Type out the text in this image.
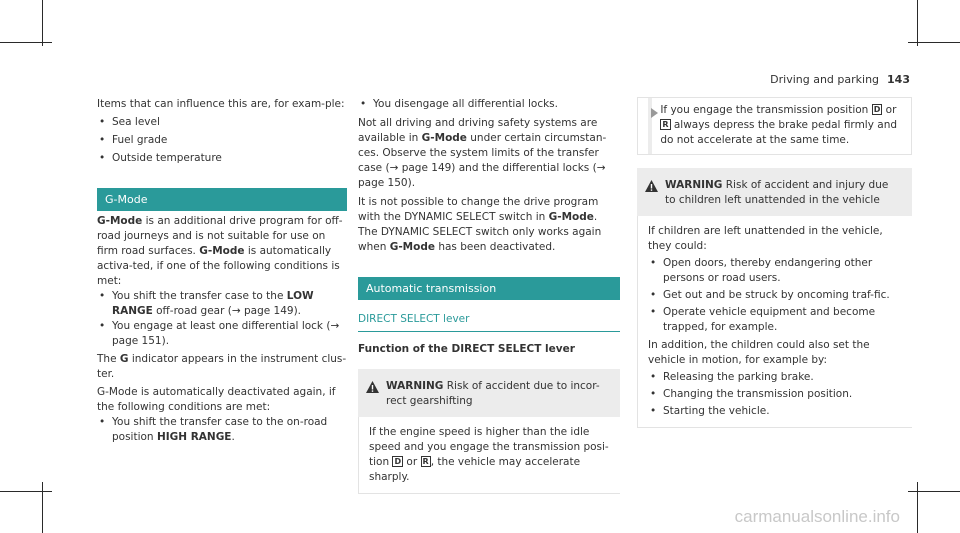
Driving and parking 143

Items that can influence this are, for exam-ple:

• Sea level

• Fuel grade

• Outside temperature

G-Mode

G-Mode is an additional drive program for off-road journeys and is not suitable for use on firm road surfaces. G-Mode is automatically activa-ted, if one of the following conditions is met:

• You shift the transfer case to the LOW RANGE off-road gear (→ page 149).

• You engage at least one differential lock (→ page 151).

The G indicator appears in the instrument clus-ter.

G-Mode is automatically deactivated again, if the following conditions are met:

• You shift the transfer case to the on-road position HIGH RANGE.

• You disengage all differential locks.

Not all driving and driving safety systems are available in G-Mode under certain circumstan-ces. Observe the system limits of the transfer case (→ page 149) and the differential locks (→ page 150).

It is not possible to change the drive program with the DYNAMIC SELECT switch in G-Mode. The DYNAMIC SELECT switch only works again when G-Mode has been deactivated.

Automatic transmission
DIRECT SELECT lever

Function of the DIRECT SELECT lever

WARNING Risk of accident due to incor-rect gearshifting
If the engine speed is higher than the idle speed and you engage the transmission posi-tion D or R , the vehicle may accelerate sharply.

If you engage the transmission position D or R always depress the brake pedal firmly and do not accelerate at the same time.

WARNING Risk of accident and injury due to children left unattended in the vehicle

If children are left unattended in the vehicle, they could:

• Open doors, thereby endangering other persons or road users.

• Get out and be struck by oncoming traf-fic.

• Operate vehicle equipment and become trapped, for example.

In addition, the children could also set the vehicle in motion, for example by:

• Releasing the parking brake.

• Changing the transmission position.

• Starting the vehicle.

carmanualsonline.info
